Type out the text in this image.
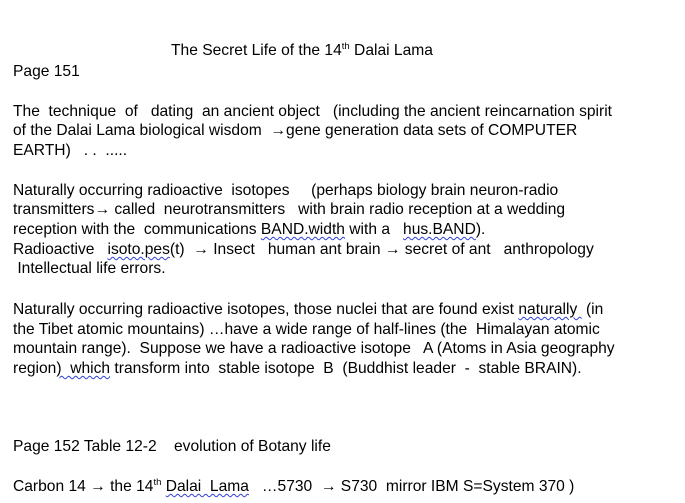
The Secret Life of the 14th Dalai Lama

Page 151

The  technique  of   dating  an ancient object   (including the ancient reincarnation spirit

of the Dalai Lama biological wisdom  →gene generation data sets of COMPUTER

EARTH)   . .  .....

Naturally occurring radioactive  isotopes     (perhaps biology brain neuron-radio

transmitters→ called  neurotransmitters   with brain radio reception at a wedding

reception with the  communications BAND.width with a   hus.BAND).

Radioactive   isoto.pes(t)  → Insect   human ant brain → secret of ant   anthropology

Intellectual life errors.

Naturally occurring radioactive isotopes, those nuclei that are found exist naturally  (in

the Tibet atomic mountains) …have a wide range of half-lines (the  Himalayan atomic

mountain range).  Suppose we have a radioactive isotope   A (Atoms in Asia geography

region)  which transform into  stable isotope  B  (Buddhist leader  -  stable BRAIN).

Page 152 Table 12-2    evolution of Botany life

Carbon 14 → the 14th Dalai  Lama   …5730  → S730  mirror IBM S=System 370 )
